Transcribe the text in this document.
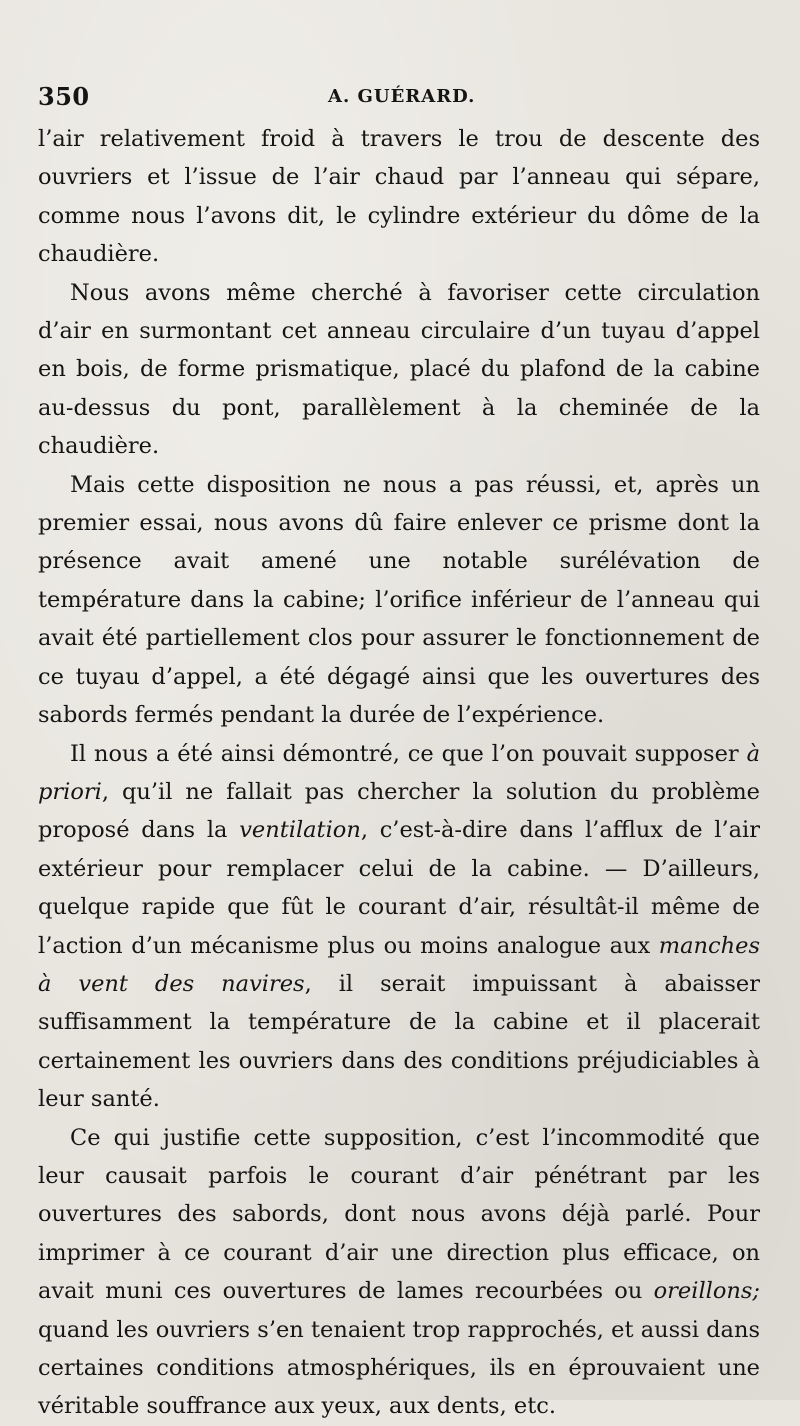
350	A. GUÉRARD.

l’air relativement froid à travers le trou de descente des ouvriers et l’issue de l’air chaud par l’anneau qui sépare, comme nous l’avons dit, le cylindre extérieur du dôme de la chaudière.

Nous avons même cherché à favoriser cette circulation d’air en surmontant cet anneau circulaire d’un tuyau d’appel en bois, de forme prismatique, placé du plafond de la cabine au-dessus du pont, parallèlement à la cheminée de la chaudière.

Mais cette disposition ne nous a pas réussi, et, après un premier essai, nous avons dû faire enlever ce prisme dont la présence avait amené une notable surélévation de température dans la cabine; l’orifice inférieur de l’anneau qui avait été partiellement clos pour assurer le fonctionnement de ce tuyau d’appel, a été dégagé ainsi que les ouvertures des sabords fermés pendant la durée de l’expérience.

Il nous a été ainsi démontré, ce que l’on pouvait supposer à priori, qu’il ne fallait pas chercher la solution du problème proposé dans la ventilation, c’est-à-dire dans l’afflux de l’air extérieur pour remplacer celui de la cabine. — D’ailleurs, quelque rapide que fût le courant d’air, résultât-il même de l’action d’un mécanisme plus ou moins analogue aux manches à vent des navires, il serait impuissant à abaisser suffisamment la température de la cabine et il placerait certainement les ouvriers dans des conditions préjudiciables à leur santé.

Ce qui justifie cette supposition, c’est l’incommodité que leur causait parfois le courant d’air pénétrant par les ouvertures des sabords, dont nous avons déjà parlé. Pour imprimer à ce courant d’air une direction plus efficace, on avait muni ces ouvertures de lames recourbées ou oreillons; quand les ouvriers s’en tenaient trop rapprochés, et aussi dans certaines conditions atmosphériques, ils en éprouvaient une véritable souffrance aux yeux, aux dents, etc.
